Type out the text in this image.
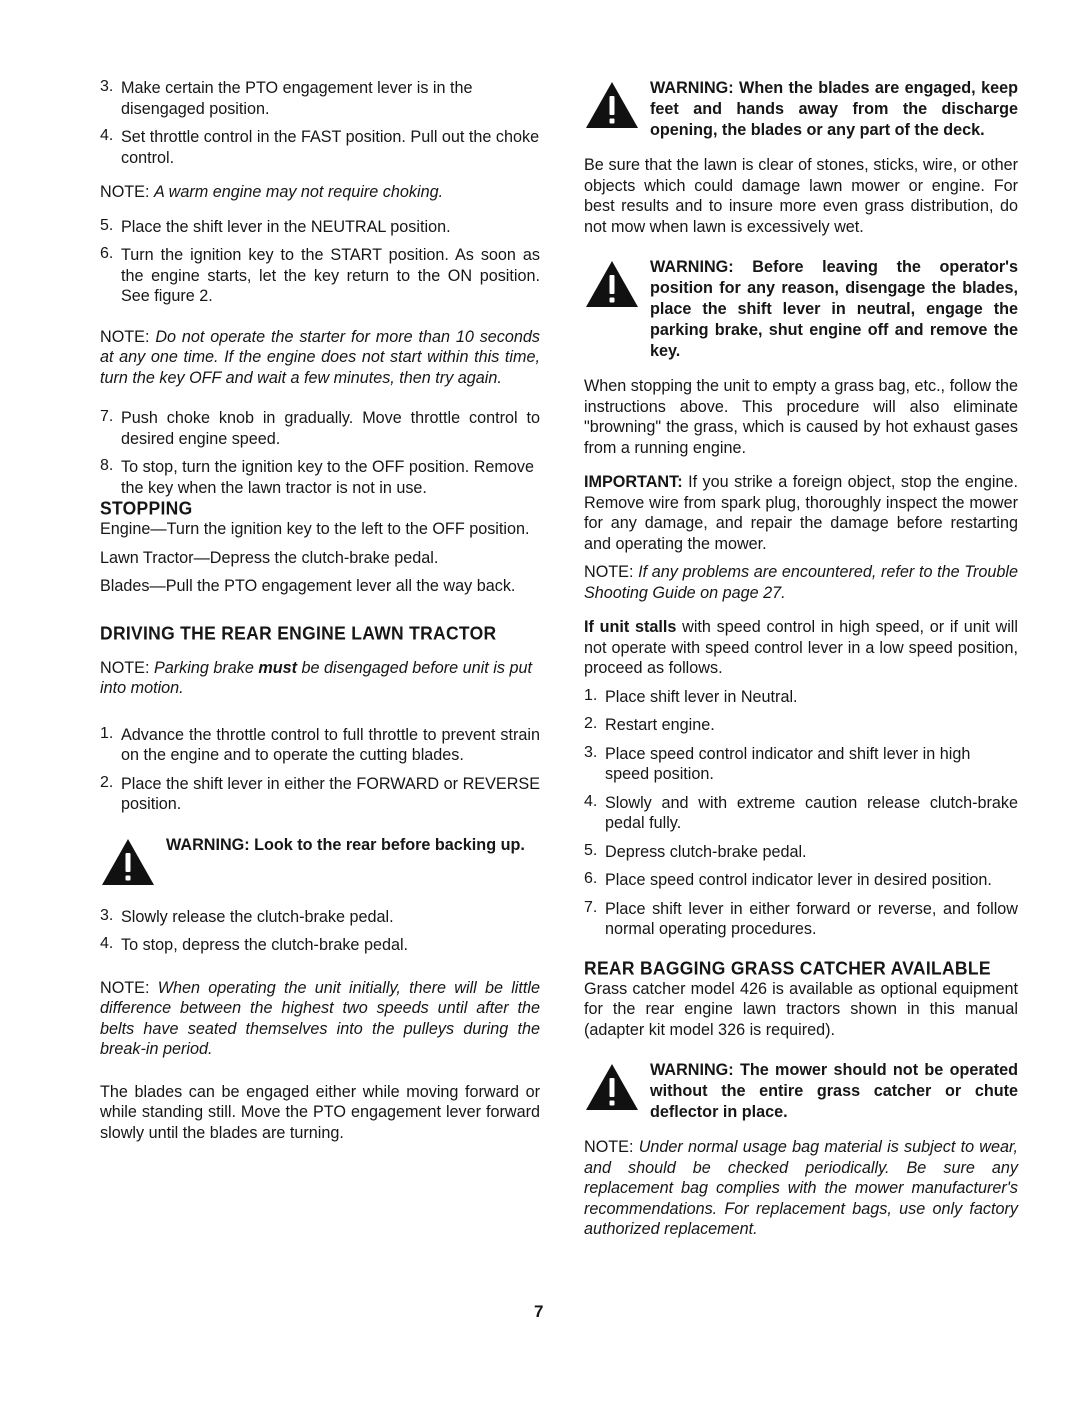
3. Make certain the PTO engagement lever is in the disengaged position.

4. Set throttle control in the FAST position. Pull out the choke control.

NOTE: A warm engine may not require choking.

5. Place the shift lever in the NEUTRAL position.

6. Turn the ignition key to the START position. As soon as the engine starts, let the key return to the ON position. See figure 2.

NOTE: Do not operate the starter for more than 10 seconds at any one time. If the engine does not start within this time, turn the key OFF and wait a few minutes, then try again.

7. Push choke knob in gradually. Move throttle control to desired engine speed.

8. To stop, turn the ignition key to the OFF position. Remove the key when the lawn tractor is not in use.

STOPPING

Engine—Turn the ignition key to the left to the OFF position.

Lawn Tractor—Depress the clutch-brake pedal.

Blades—Pull the PTO engagement lever all the way back.

DRIVING THE REAR ENGINE LAWN TRACTOR

NOTE: Parking brake must be disengaged before unit is put into motion.

1. Advance the throttle control to full throttle to prevent strain on the engine and to operate the cutting blades.

2. Place the shift lever in either the FORWARD or REVERSE position.

WARNING: Look to the rear before backing up.
3. Slowly release the clutch-brake pedal.

4. To stop, depress the clutch-brake pedal.

NOTE: When operating the unit initially, there will be little difference between the highest two speeds until after the belts have seated themselves into the pulleys during the break-in period.

The blades can be engaged either while moving forward or while standing still. Move the PTO engagement lever forward slowly until the blades are turning.

WARNING: When the blades are engaged, keep feet and hands away from the discharge opening, the blades or any part of the deck.

Be sure that the lawn is clear of stones, sticks, wire, or other objects which could damage lawn mower or engine. For best results and to insure more even grass distribution, do not mow when lawn is excessively wet.

WARNING: Before leaving the operator's position for any reason, disengage the blades, place the shift lever in neutral, engage the parking brake, shut engine off and remove the key.

When stopping the unit to empty a grass bag, etc., follow the instructions above. This procedure will also eliminate "browning" the grass, which is caused by hot exhaust gases from a running engine.

IMPORTANT: If you strike a foreign object, stop the engine. Remove wire from spark plug, thoroughly inspect the mower for any damage, and repair the damage before restarting and operating the mower.

NOTE: If any problems are encountered, refer to the Trouble Shooting Guide on page 27.

If unit stalls with speed control in high speed, or if unit will not operate with speed control lever in a low speed position, proceed as follows.

1. Place shift lever in Neutral.

2. Restart engine.

3. Place speed control indicator and shift lever in high speed position.

4. Slowly and with extreme caution release clutch-brake pedal fully.

5. Depress clutch-brake pedal.

6. Place speed control indicator lever in desired position.

7. Place shift lever in either forward or reverse, and follow normal operating procedures.

REAR BAGGING GRASS CATCHER AVAILABLE

Grass catcher model 426 is available as optional equipment for the rear engine lawn tractors shown in this manual (adapter kit model 326 is required).

WARNING: The mower should not be operated without the entire grass catcher or chute deflector in place.

NOTE: Under normal usage bag material is subject to wear, and should be checked periodically. Be sure any replacement bag complies with the mower manufacturer's recommendations. For replacement bags, use only factory authorized replacement.

7
